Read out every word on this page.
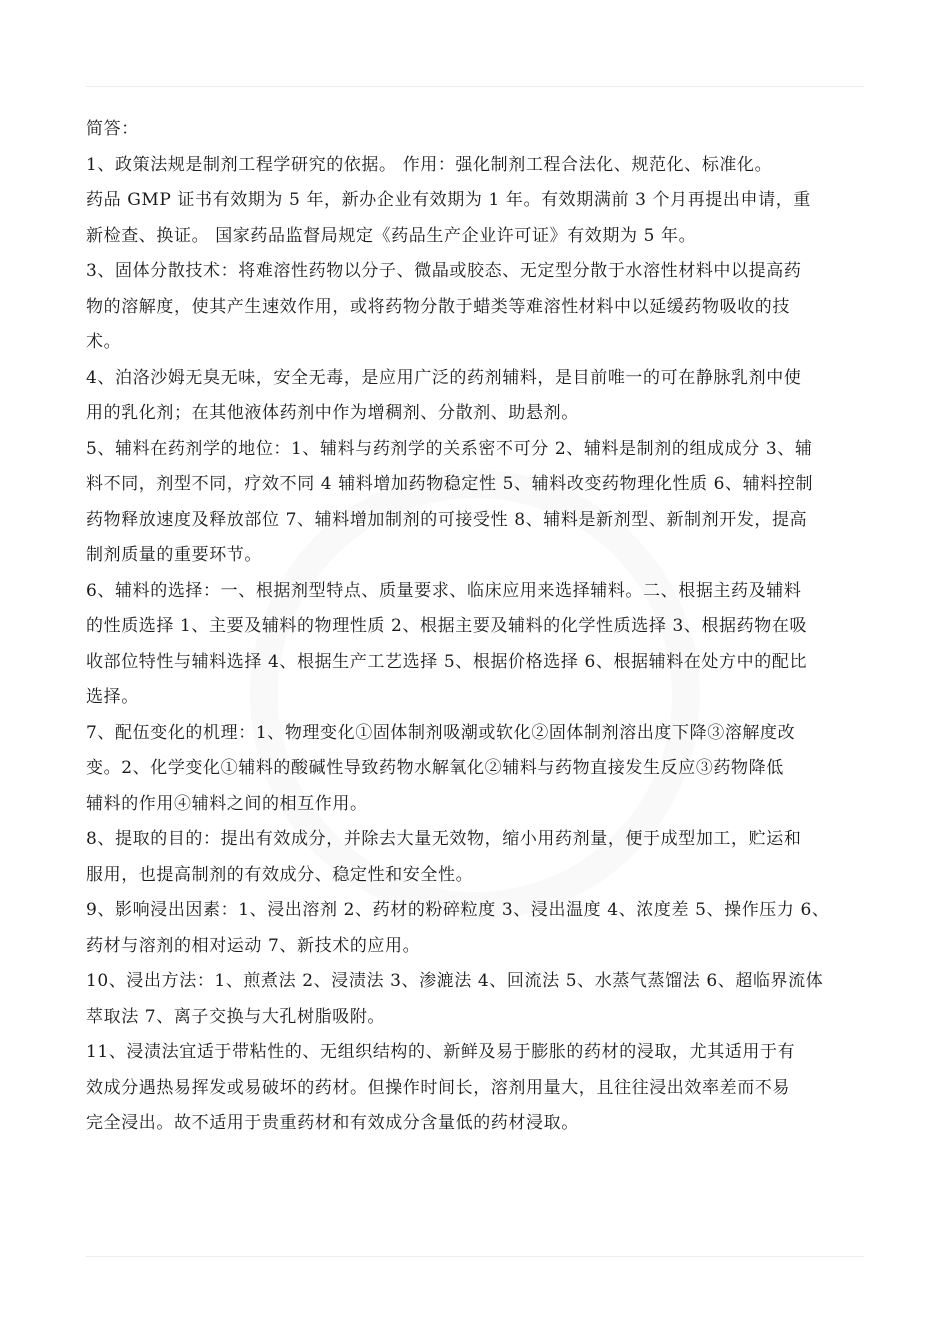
简答：
1、政策法规是制剂工程学研究的依据。 作用：强化制剂工程合法化、规范化、标准化。
药品 GMP 证书有效期为 5 年，新办企业有效期为 1 年。有效期满前 3 个月再提出申请，重
新检查、换证。 国家药品监督局规定《药品生产企业许可证》有效期为 5 年。
3、固体分散技术：将难溶性药物以分子、微晶或胶态、无定型分散于水溶性材料中以提高药
物的溶解度，使其产生速效作用，或将药物分散于蜡类等难溶性材料中以延缓药物吸收的技
术。
4、泊洛沙姆无臭无味，安全无毒，是应用广泛的药剂辅料，是目前唯一的可在静脉乳剂中使
用的乳化剂；在其他液体药剂中作为增稠剂、分散剂、助悬剂。
5、辅料在药剂学的地位：1、辅料与药剂学的关系密不可分 2、辅料是制剂的组成成分 3、辅
料不同，剂型不同，疗效不同 4 辅料增加药物稳定性 5、辅料改变药物理化性质 6、辅料控制
药物释放速度及释放部位 7、辅料增加制剂的可接受性 8、辅料是新剂型、新制剂开发，提高
制剂质量的重要环节。
6、辅料的选择：一、根据剂型特点、质量要求、临床应用来选择辅料。二、根据主药及辅料
的性质选择 1、主要及辅料的物理性质 2、根据主要及辅料的化学性质选择 3、根据药物在吸
收部位特性与辅料选择 4、根据生产工艺选择 5、根据价格选择 6、根据辅料在处方中的配比
选择。
7、配伍变化的机理：1、物理变化①固体制剂吸潮或软化②固体制剂溶出度下降③溶解度改
变。2、化学变化①辅料的酸碱性导致药物水解氧化②辅料与药物直接发生反应③药物降低
辅料的作用④辅料之间的相互作用。
8、提取的目的：提出有效成分，并除去大量无效物，缩小用药剂量，便于成型加工，贮运和
服用，也提高制剂的有效成分、稳定性和安全性。
9、影响浸出因素：1、浸出溶剂 2、药材的粉碎粒度 3、浸出温度 4、浓度差 5、操作压力 6、
药材与溶剂的相对运动 7、新技术的应用。
10、浸出方法：1、煎煮法 2、浸渍法 3、渗漉法 4、回流法 5、水蒸气蒸馏法 6、超临界流体
萃取法 7、离子交换与大孔树脂吸附。
11、浸渍法宜适于带粘性的、无组织结构的、新鲜及易于膨胀的药材的浸取，尤其适用于有
效成分遇热易挥发或易破坏的药材。但操作时间长，溶剂用量大，且往往浸出效率差而不易
完全浸出。故不适用于贵重药材和有效成分含量低的药材浸取。
